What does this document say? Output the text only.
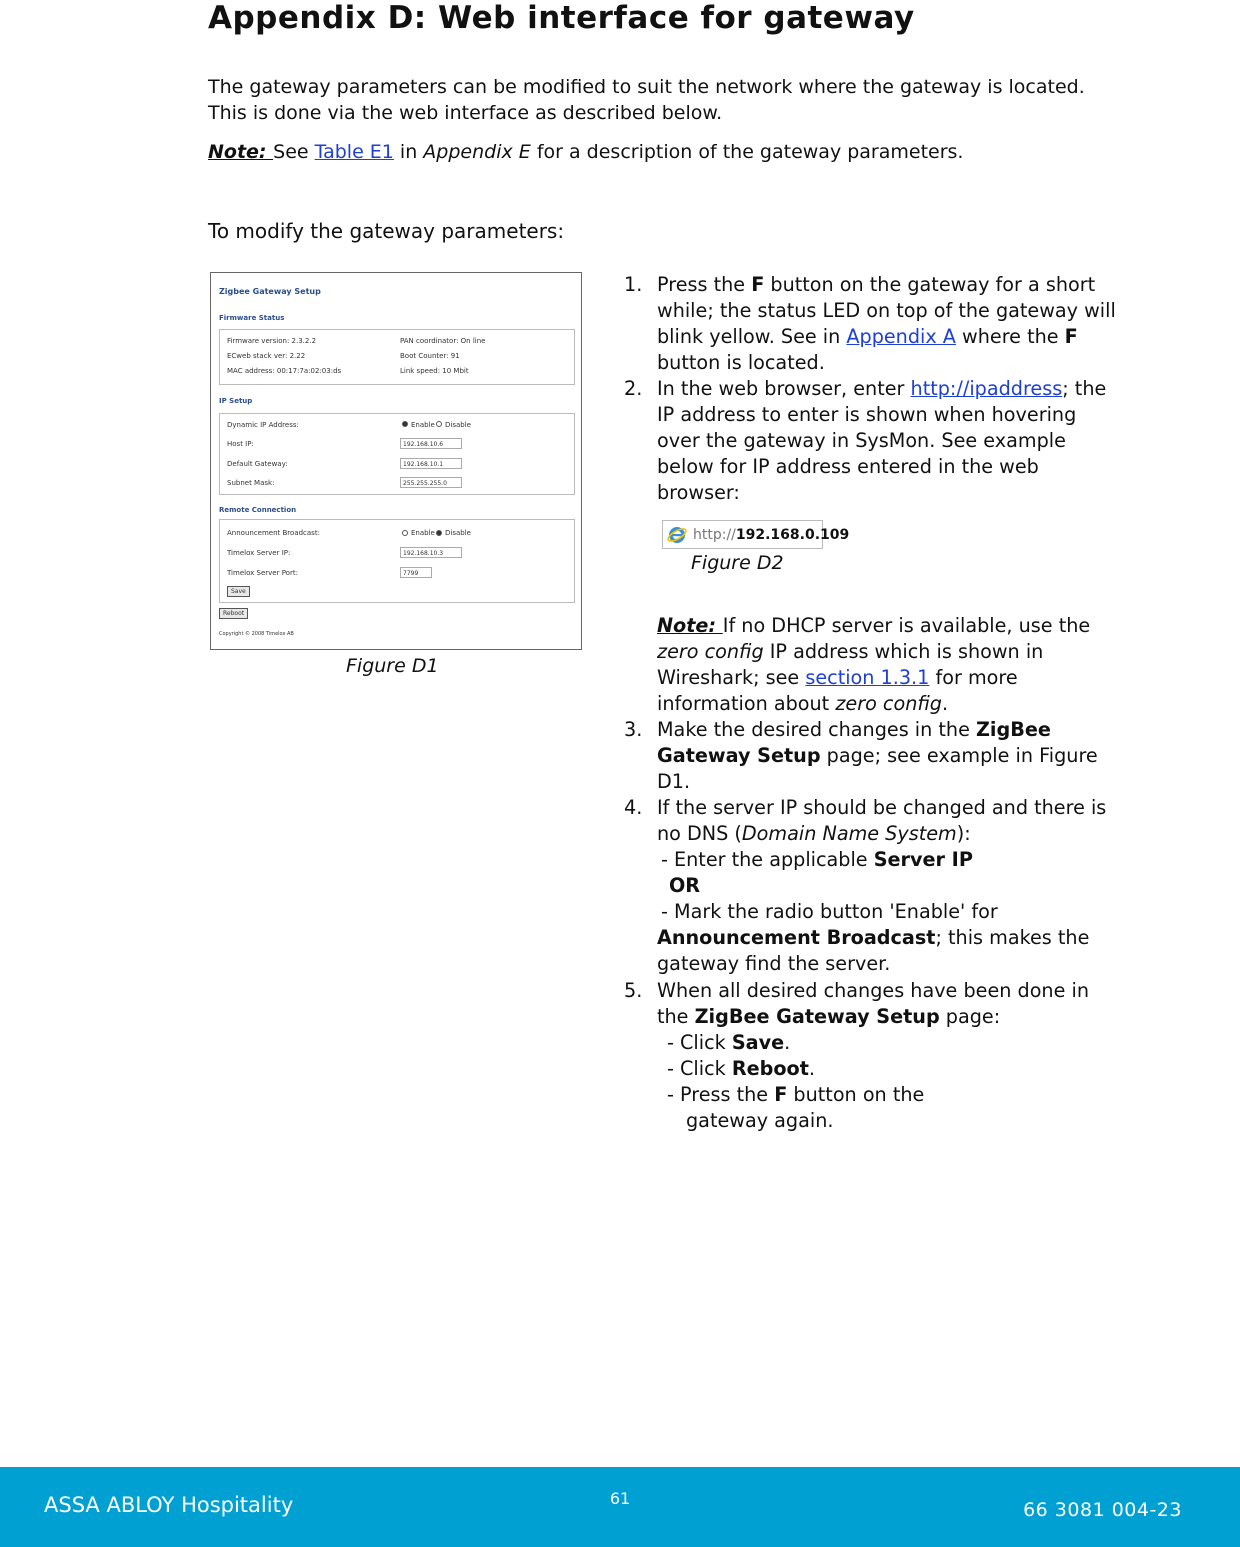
Appendix D: Web interface for gateway
The gateway parameters can be modified to suit the network where the gateway is located. This is done via the web interface as described below.
Note: See Table E1 in Appendix E for a description of the gateway parameters.
To modify the gateway parameters:
Zigbee Gateway Setup
Firmware Status
Firmware version: 2.3.2.2	PAN coordinator: On line
ECweb stack ver: 2.22	Boot Counter: 91
MAC address: 00:17:7a:02:03:ds	Link speed: 10 Mbit
IP Setup
Dynamic IP Address:	Enable Disable
Host IP:	192.168.10.6
Default Gateway:	192.168.10.1
Subnet Mask:	255.255.255.0
Remote Connection
Announcement Broadcast:	Enable Disable
Timelox Server IP:	192.168.10.3
Timelox Server Port:	7799
Save
Reboot
Copyright © 2008 Timelox AB
Figure D1
1. Press the F button on the gateway for a short while; the status LED on top of the gateway will blink yellow. See in Appendix A where the F button is located.
2. In the web browser, enter http://ipaddress; the IP address to enter is shown when hovering over the gateway in SysMon. See example below for IP address entered in the web browser:
http://192.168.0.109
Figure D2
Note: If no DHCP server is available, use the zero config IP address which is shown in Wireshark; see section 1.3.1 for more information about zero config.
3. Make the desired changes in the ZigBee Gateway Setup page; see example in Figure D1.
4. If the server IP should be changed and there is no DNS (Domain Name System):
- Enter the applicable Server IP
OR
- Mark the radio button 'Enable' for Announcement Broadcast; this makes the gateway find the server.
5. When all desired changes have been done in the ZigBee Gateway Setup page:
- Click Save.
- Click Reboot.
- Press the F button on the
gateway again.
ASSA ABLOY Hospitality	61
66 3081 004-23
